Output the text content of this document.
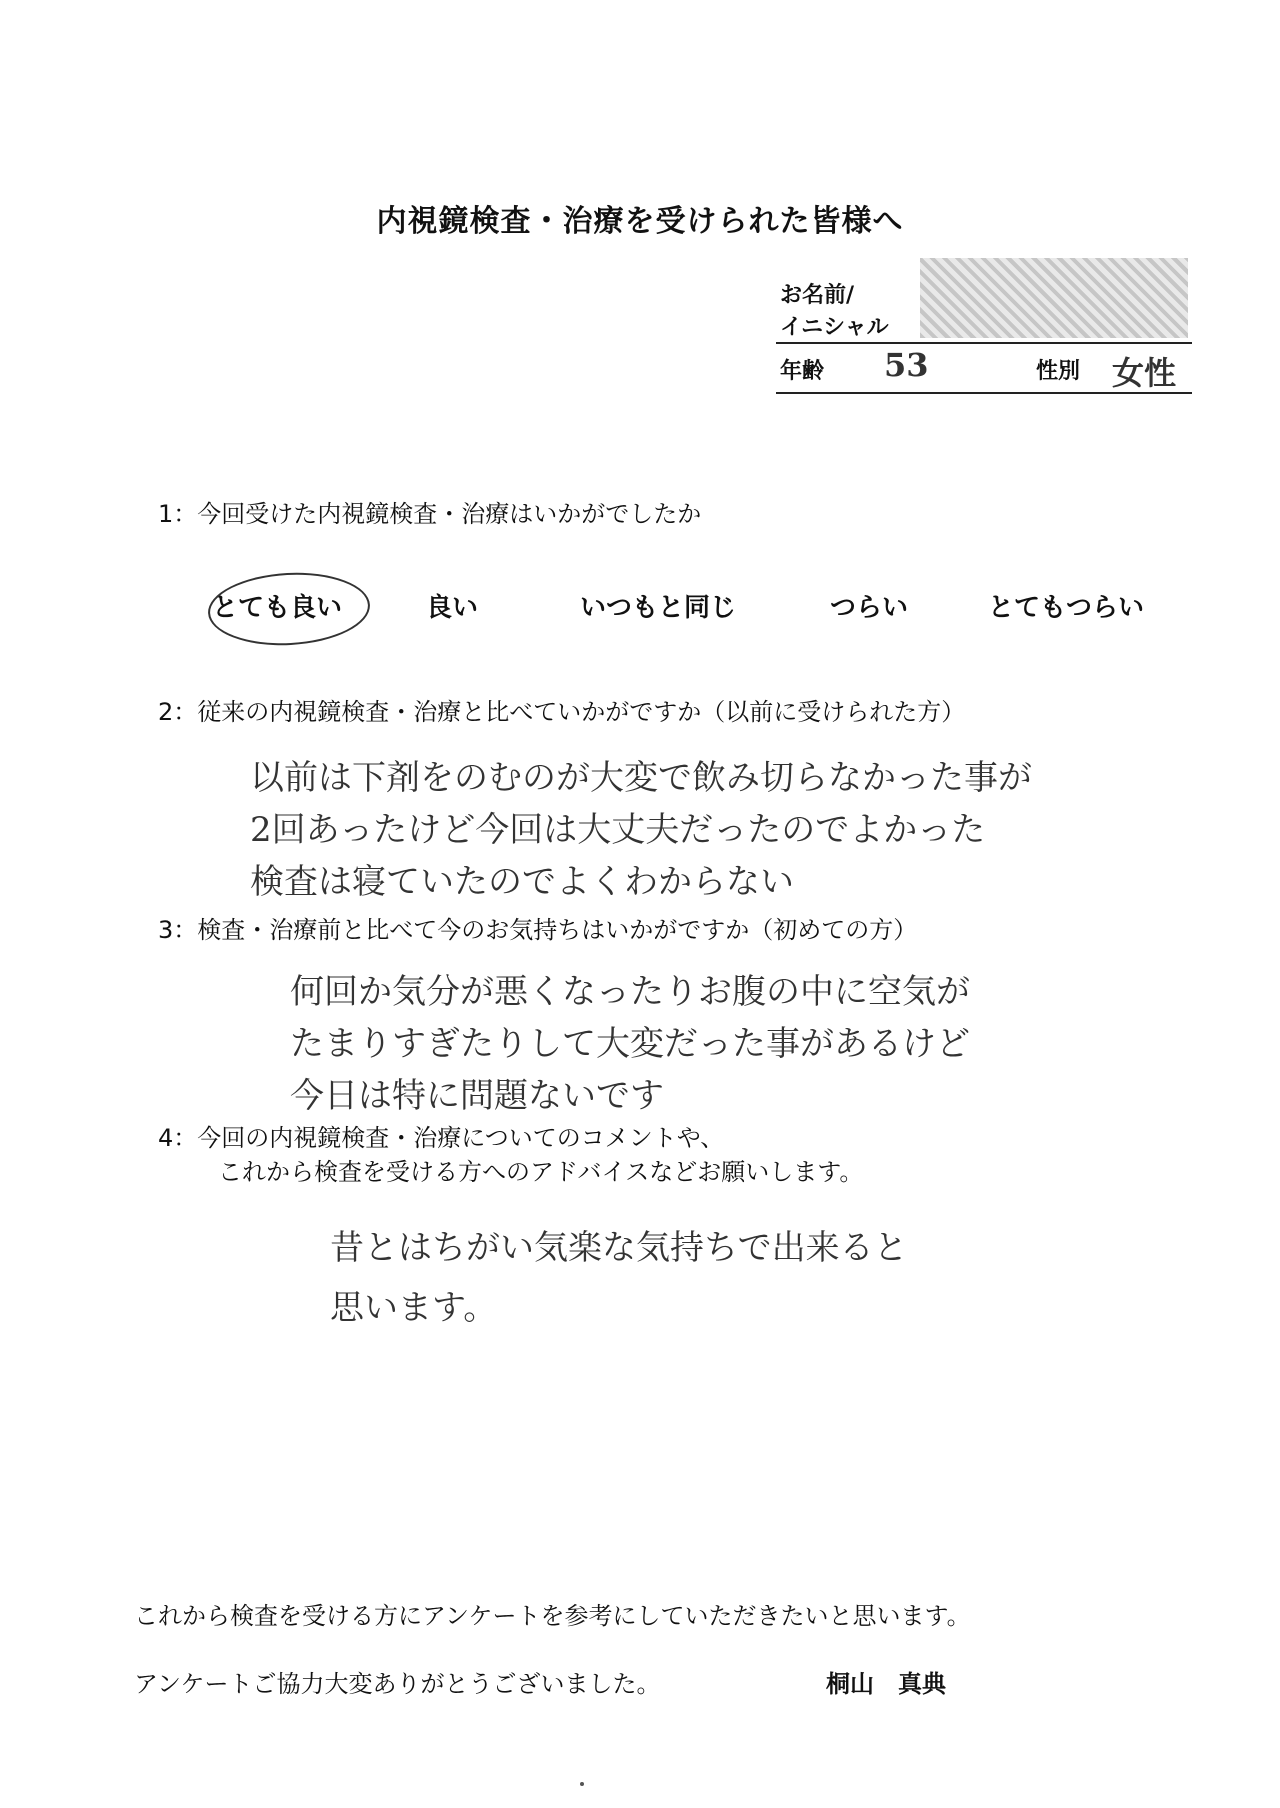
内視鏡検査・治療を受けられた皆様へ
お名前/
イニシャル
年齢 53	性別 女性
1：今回受けた内視鏡検査・治療はいかがでしたか
とても良い	良い	いつもと同じ	つらい	とてもつらい
2：従来の内視鏡検査・治療と比べていかがですか（以前に受けられた方）
以前は下剤をのむのが大変で飲み切らなかった事が
2回あったけど今回は大丈夫だったのでよかった
検査は寝ていたのでよくわからない
3：検査・治療前と比べて今のお気持ちはいかがですか（初めての方）
何回か気分が悪くなったりお腹の中に空気が
たまりすぎたりして大変だった事があるけど
今日は特に問題ないです
4：今回の内視鏡検査・治療についてのコメントや、
これから検査を受ける方へのアドバイスなどお願いします。
昔とはちがい気楽な気持ちで出来ると
思います。
これから検査を受ける方にアンケートを参考にしていただきたいと思います。
アンケートご協力大変ありがとうございました。	桐山　真典
